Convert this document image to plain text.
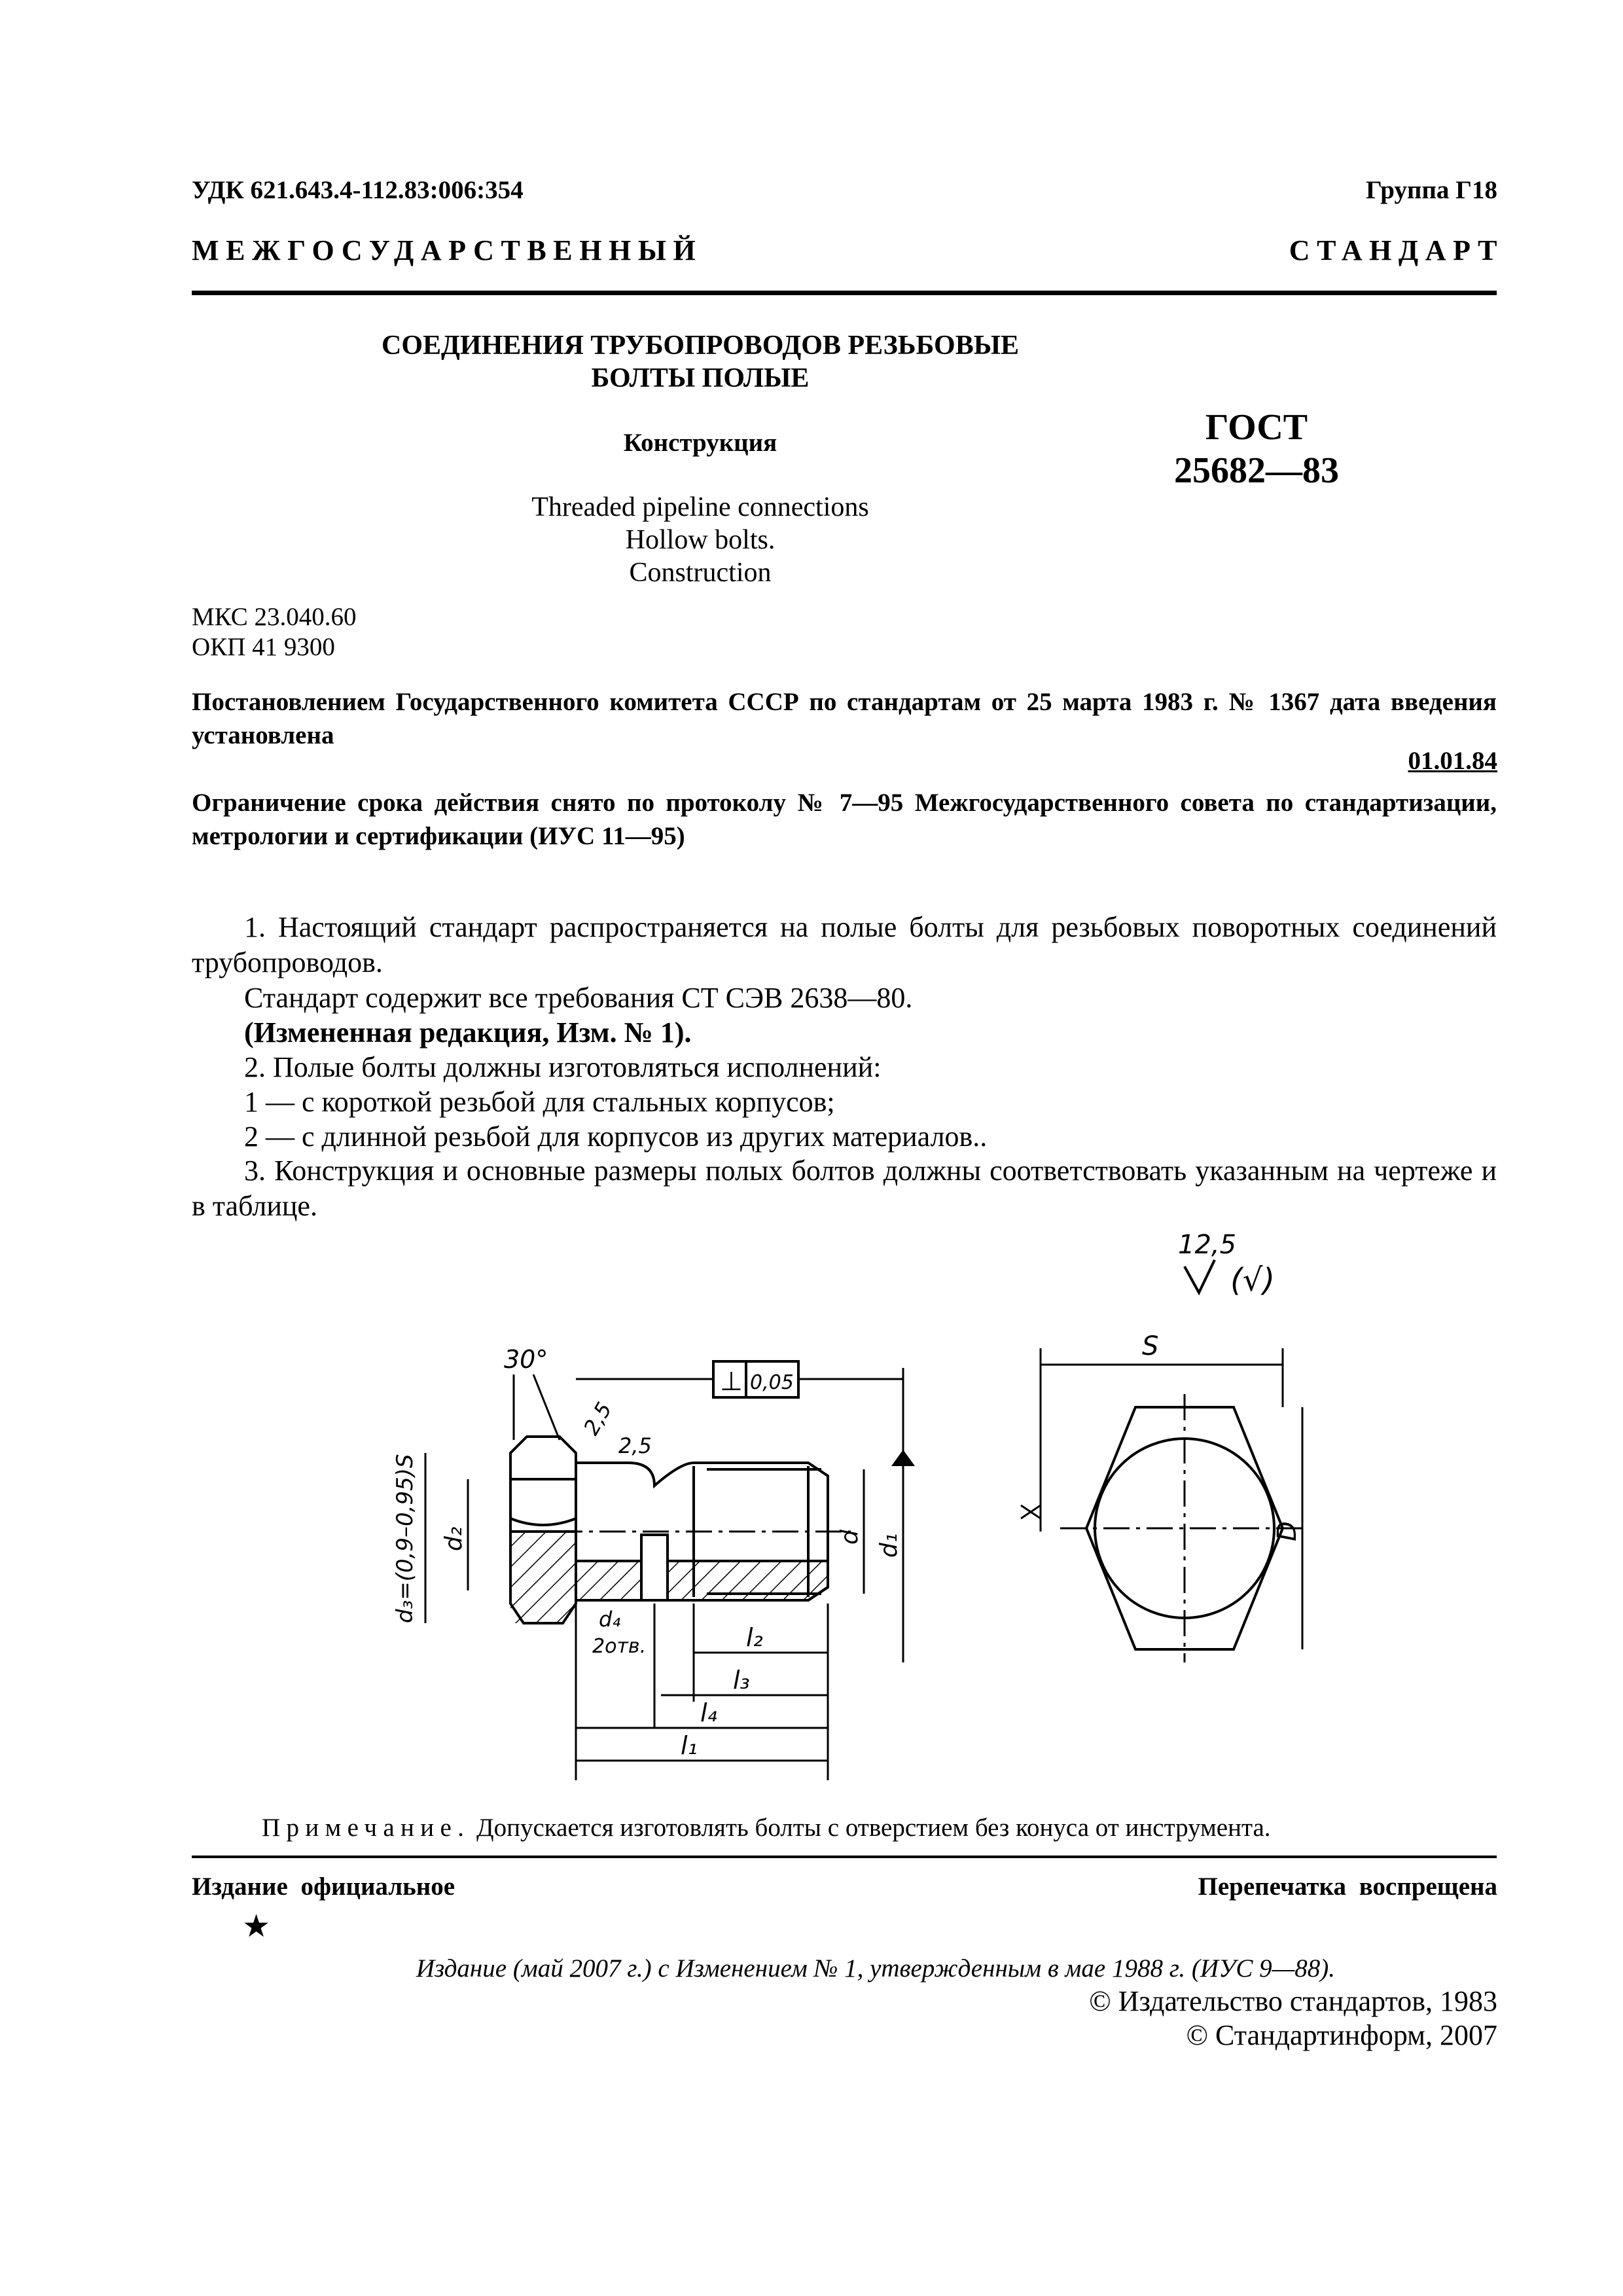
УДК 621.643.4-112.83:006:354	Группа Г18
МЕЖГОСУДАРСТВЕННЫЙ	СТАНДАРТ
СОЕДИНЕНИЯ ТРУБОПРОВОДОВ РЕЗЬБОВЫЕ
БОЛТЫ ПОЛЫЕ
Конструкция	ГОСТ
25682—83
Threaded pipeline connections
Hollow bolts.
Construction
МКС 23.040.60
ОКП 41 9300
Постановлением Государственного комитета СССР по стандартам от 25 марта 1983 г. № 1367 дата введения установлена
01.01.84
Ограничение срока действия снято по протоколу № 7—95 Межгосударственного совета по стандартизации, метрологии и сертификации (ИУС 11—95)
1. Настоящий стандарт распространяется на полые болты для резьбовых поворотных соединений трубопроводов.
Стандарт содержит все требования СТ СЭВ 2638—80.
(Измененная редакция, Изм. № 1).
2. Полые болты должны изготовляться исполнений:
1 — с короткой резьбой для стальных корпусов;
2 — с длинной резьбой для корпусов из других материалов..
3. Конструкция и основные размеры полых болтов должны соответствовать указанным на чертеже и в таблице.
12,5
(√)
30°
⊥ 0,05
2,5
2,5
d₃=(0,9–0,95)S d₂	d d₁
d₄
2отв.	l₂
l₃
l₄
l₁
S
D
Примечание. Допускается изготовлять болты с отверстием без конуса от инструмента.
Издание официальное	Перепечатка воспрещена
★
Издание (май 2007 г.) с Изменением № 1, утвержденным в мае 1988 г. (ИУС 9—88).
© Издательство стандартов, 1983
© Стандартинформ, 2007
